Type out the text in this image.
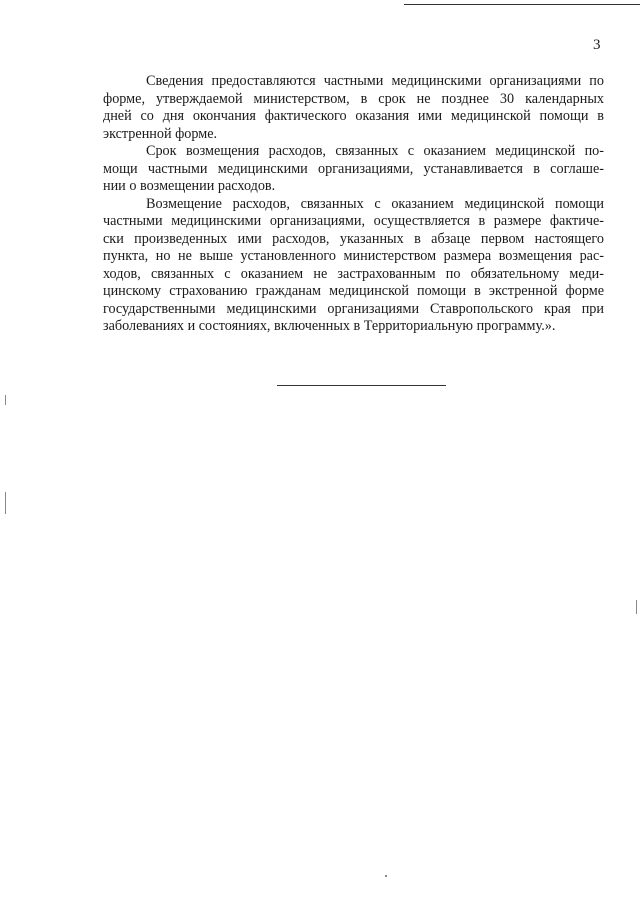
3
Сведения предоставляются частными медицинскими организациями по
форме, утверждаемой министерством, в срок не позднее 30 календарных
дней со дня окончания фактического оказания ими медицинской помощи в
экстренной форме.
Срок возмещения расходов, связанных с оказанием медицинской по-
мощи частными медицинскими организациями, устанавливается в соглаше-
нии о возмещении расходов.
Возмещение расходов, связанных с оказанием медицинской помощи
частными медицинскими организациями, осуществляется в размере фактиче-
ски произведенных ими расходов, указанных в абзаце первом настоящего
пункта, но не выше установленного министерством размера возмещения рас-
ходов, связанных с оказанием не застрахованным по обязательному меди-
цинскому страхованию гражданам медицинской помощи в экстренной форме
государственными медицинскими организациями Ставропольского края при
заболеваниях и состояниях, включенных в Территориальную программу.».
